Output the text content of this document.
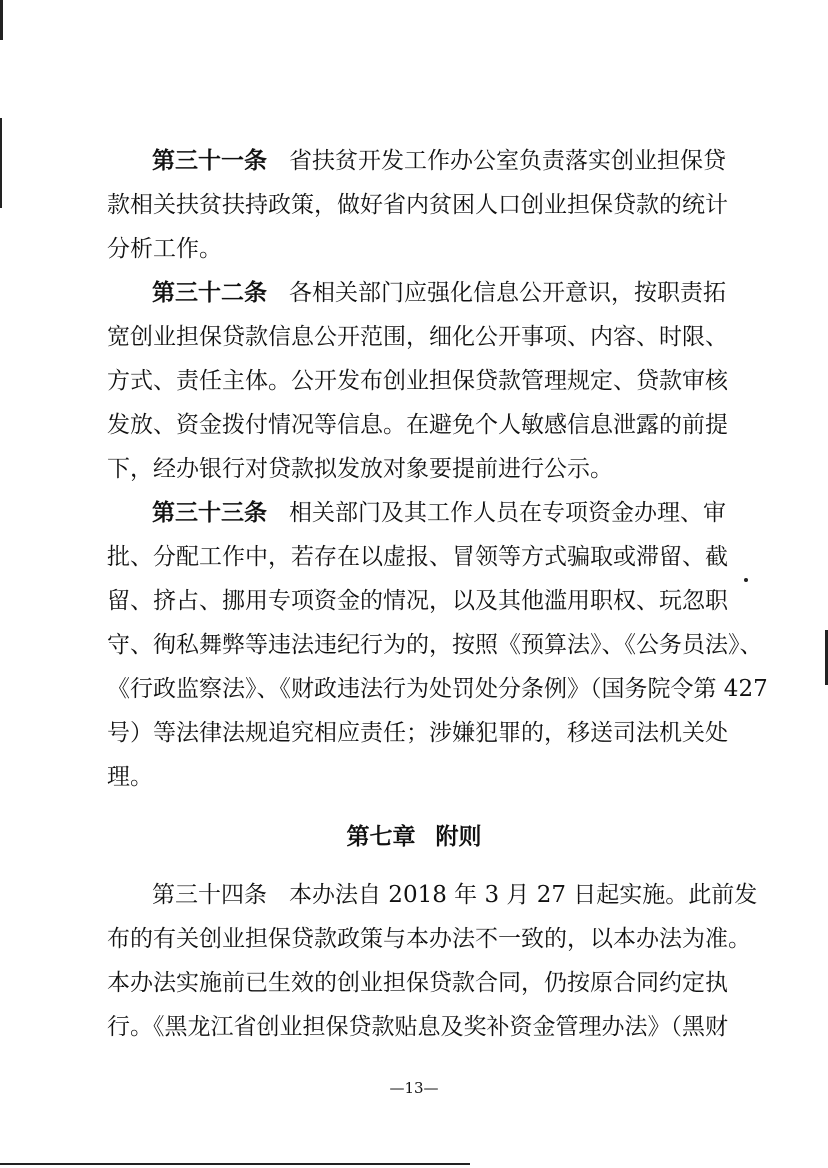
第三十一条 省扶贫开发工作办公室负责落实创业担保贷
款相关扶贫扶持政策，做好省内贫困人口创业担保贷款的统计
分析工作。
第三十二条 各相关部门应强化信息公开意识，按职责拓
宽创业担保贷款信息公开范围，细化公开事项、内容、时限、
方式、责任主体。公开发布创业担保贷款管理规定、贷款审核
发放、资金拨付情况等信息。在避免个人敏感信息泄露的前提
下，经办银行对贷款拟发放对象要提前进行公示。
第三十三条 相关部门及其工作人员在专项资金办理、审
批、分配工作中，若存在以虚报、冒领等方式骗取或滞留、截
留、挤占、挪用专项资金的情况，以及其他滥用职权、玩忽职
守、徇私舞弊等违法违纪行为的，按照《预算法》、《公务员法》、
《行政监察法》、《财政违法行为处罚处分条例》（国务院令第 427
号）等法律法规追究相应责任；涉嫌犯罪的，移送司法机关处
理。
第七章 附则
第三十四条 本办法自 2018 年 3 月 27 日起实施。此前发
布的有关创业担保贷款政策与本办法不一致的，以本办法为准。
本办法实施前已生效的创业担保贷款合同，仍按原合同约定执
行。《黑龙江省创业担保贷款贴息及奖补资金管理办法》（黑财
—13—
